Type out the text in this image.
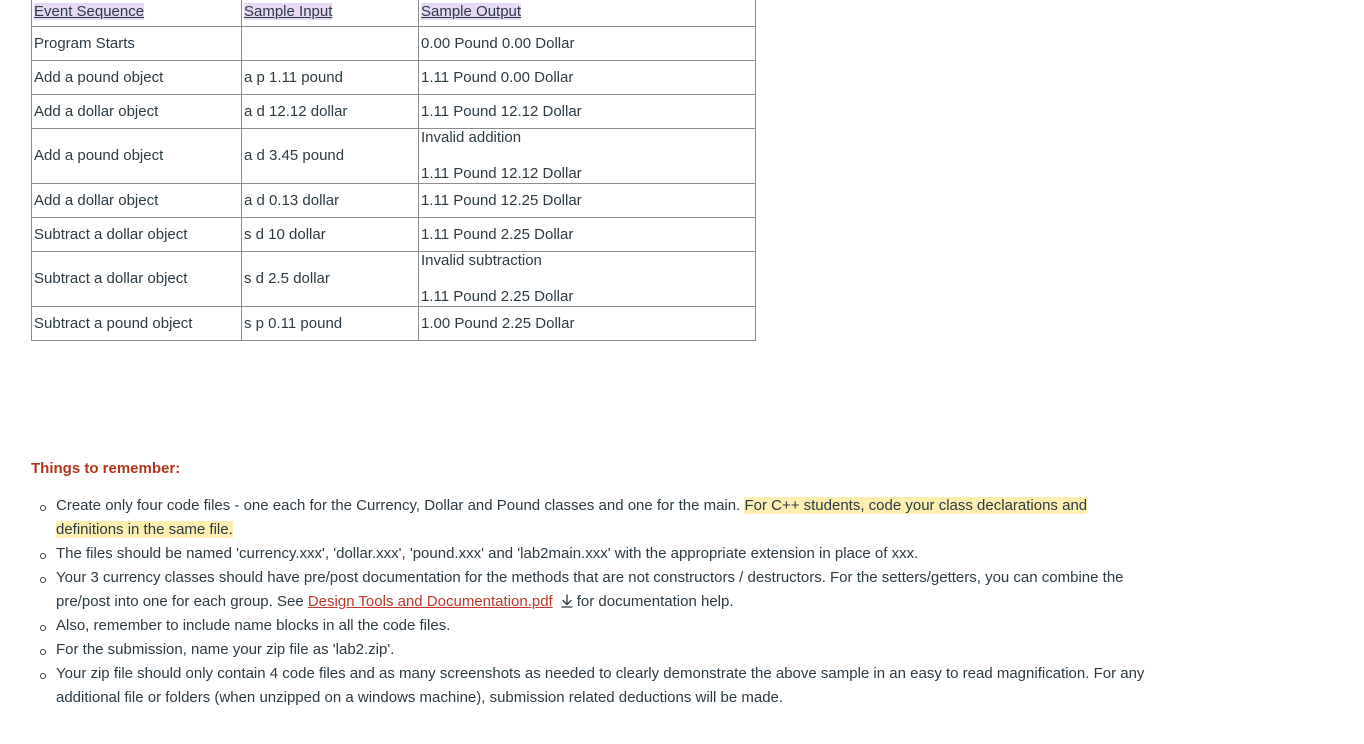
Event Sequence	Sample Input	Sample Output
Program Starts		0.00 Pound 0.00 Dollar
Add a pound object	a p 1.11 pound	1.11 Pound 0.00 Dollar
Add a dollar object	a d 12.12 dollar	1.11 Pound 12.12 Dollar
Add a pound object	a d 3.45 pound	Invalid addition
1.11 Pound 12.12 Dollar

Add a dollar object	a d 0.13 dollar	1.11 Pound 12.25 Dollar
Subtract a dollar object	s d 10 dollar	1.11 Pound 2.25 Dollar
Subtract a dollar object	s d 2.5 dollar	Invalid subtraction
1.11 Pound 2.25 Dollar

Subtract a pound object	s p 0.11 pound	1.00 Pound 2.25 Dollar
Things to remember:
Create only four code files - one each for the Currency, Dollar and Pound classes and one for the main. For C++ students, code your class declarations and definitions in the same file.
The files should be named 'currency.xxx', 'dollar.xxx', 'pound.xxx' and 'lab2main.xxx' with the appropriate extension in place of xxx.
Your 3 currency classes should have pre/post documentation for the methods that are not constructors / destructors. For the setters/getters, you can combine the pre/post into one for each group. See Design Tools and Documentation.pdf for documentation help.
Also, remember to include name blocks in all the code files.
For the submission, name your zip file as 'lab2.zip'.
Your zip file should only contain 4 code files and as many screenshots as needed to clearly demonstrate the above sample in an easy to read magnification. For any additional file or folders (when unzipped on a windows machine), submission related deductions will be made.
